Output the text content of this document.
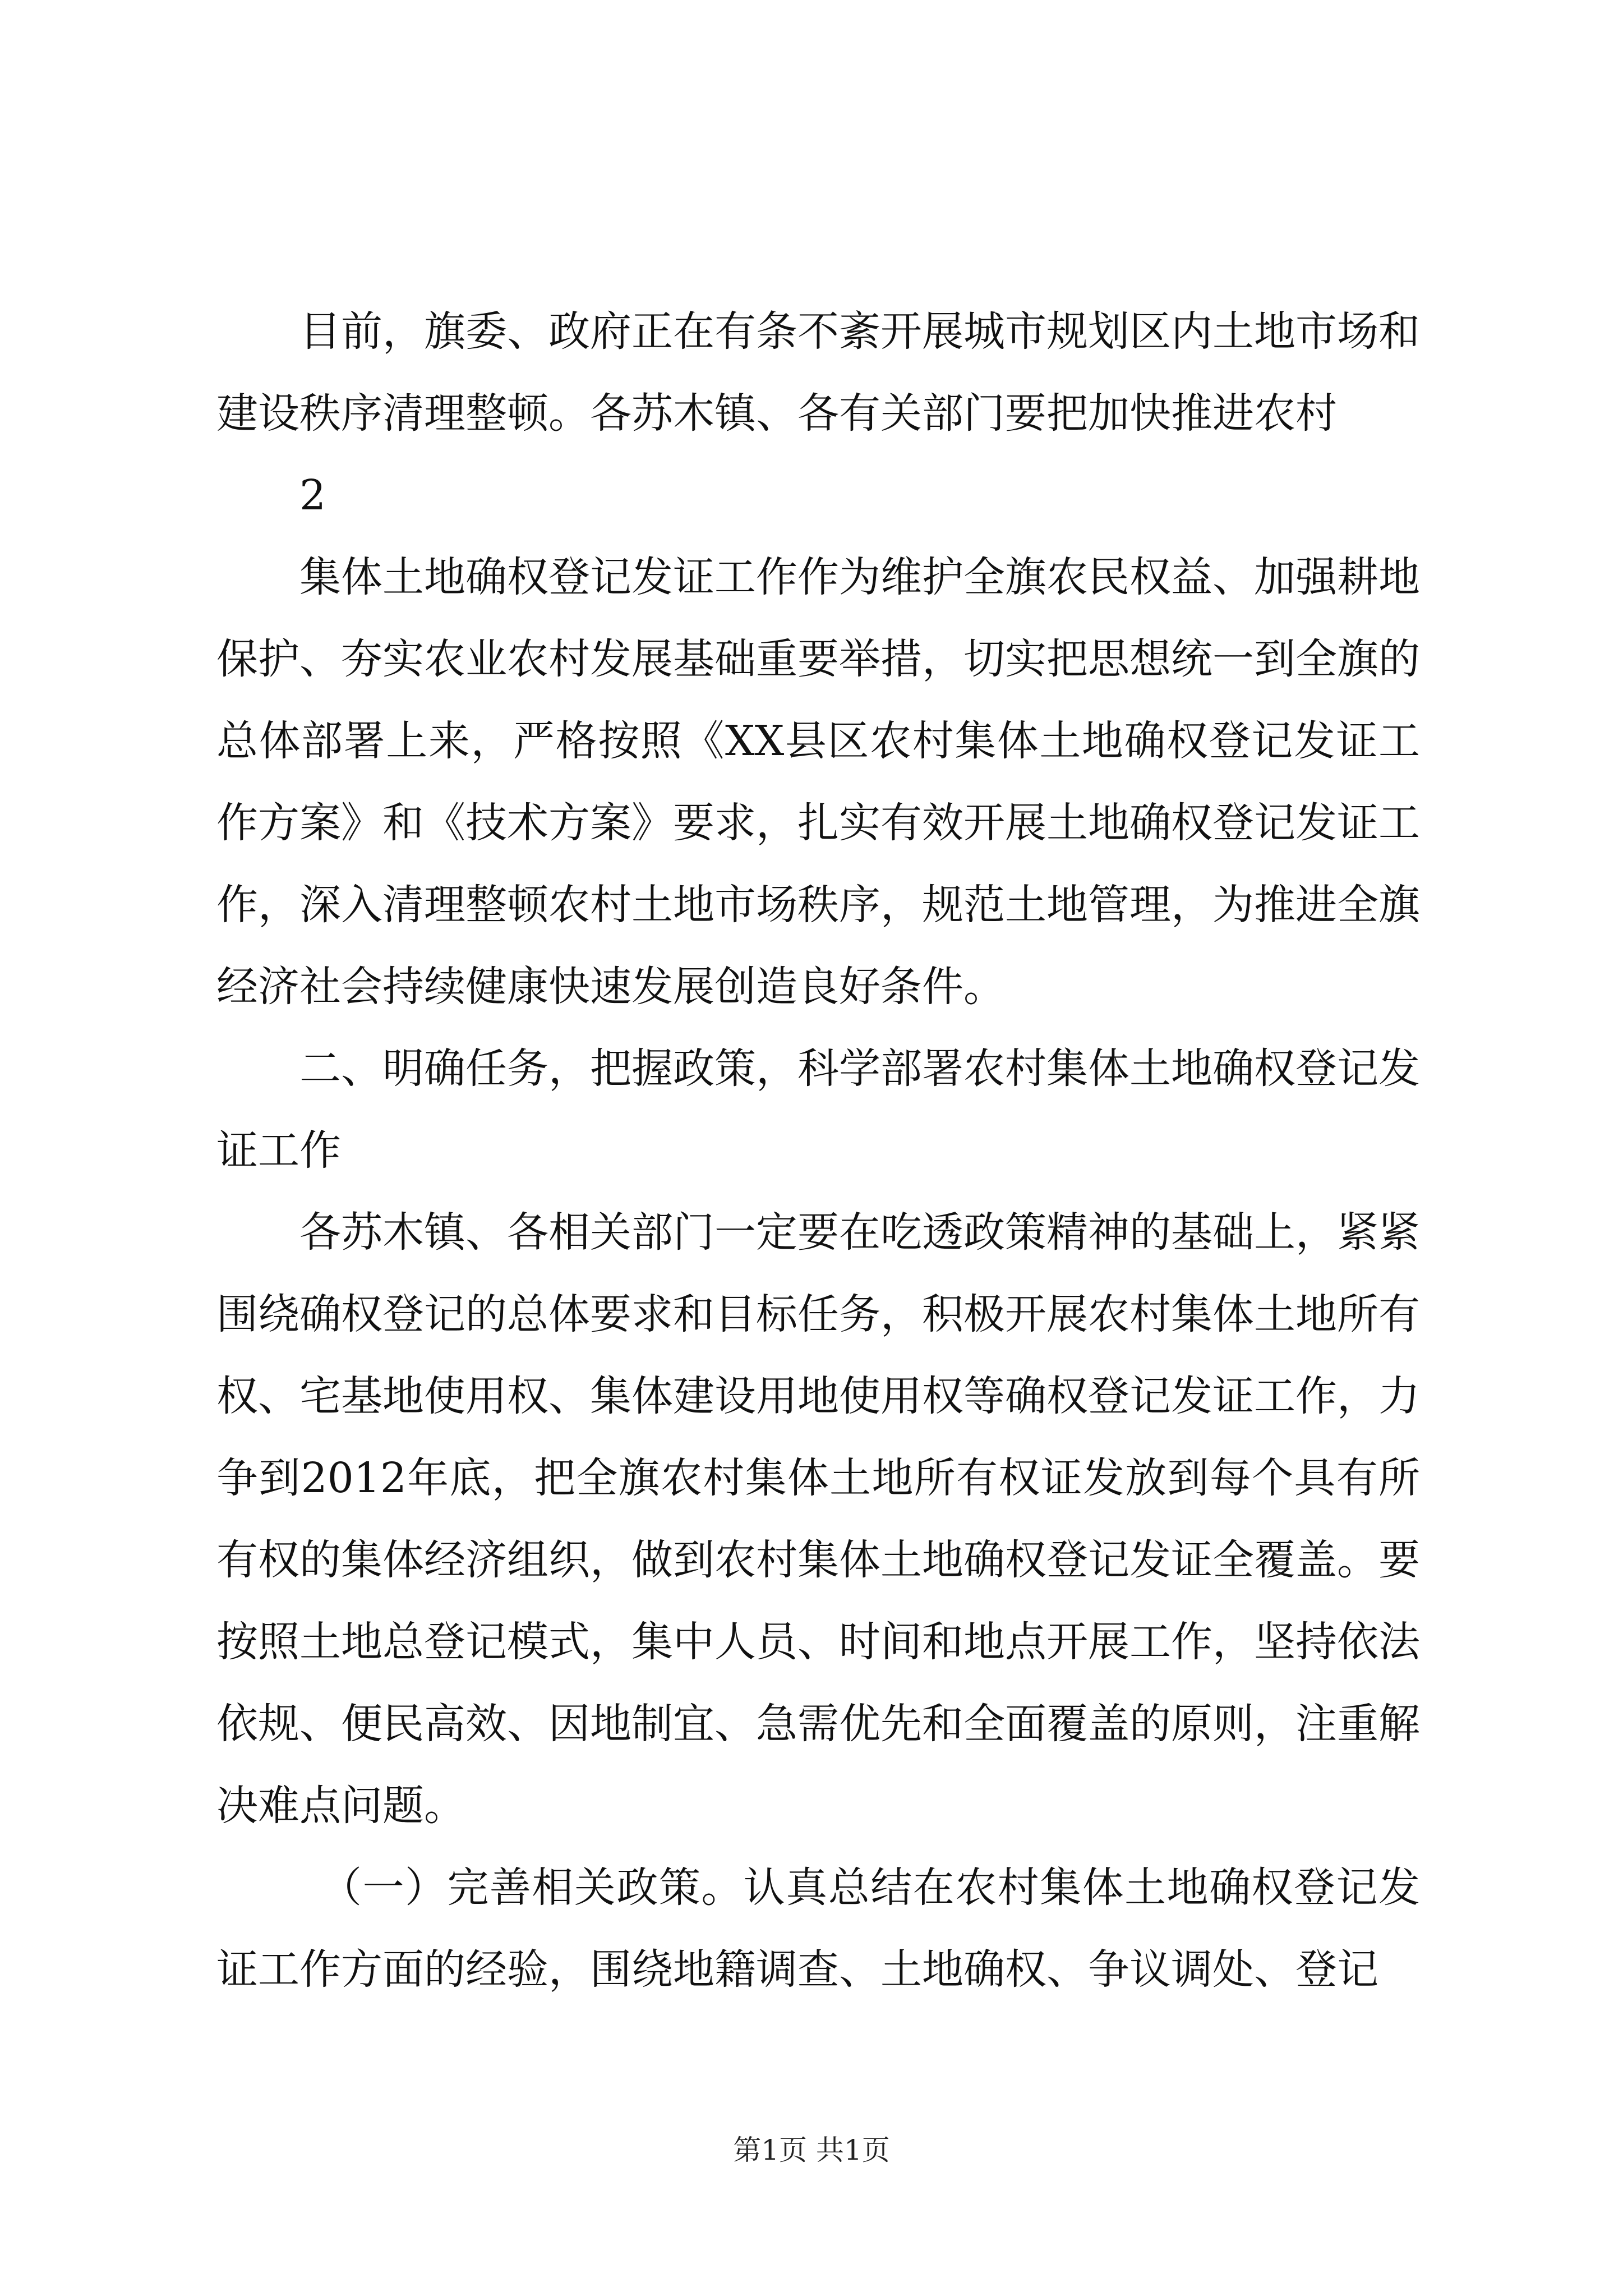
目前，旗委、政府正在有条不紊开展城市规划区内土地市场和建设秩序清理整顿。各苏木镇、各有关部门要把加快推进农村

2

集体土地确权登记发证工作作为维护全旗农民权益、加强耕地保护、夯实农业农村发展基础重要举措，切实把思想统一到全旗的总体部署上来，严格按照《XX县区农村集体土地确权登记发证工作方案》和《技术方案》要求，扎实有效开展土地确权登记发证工作，深入清理整顿农村土地市场秩序，规范土地管理，为推进全旗经济社会持续健康快速发展创造良好条件。

二、明确任务，把握政策，科学部署农村集体土地确权登记发证工作

各苏木镇、各相关部门一定要在吃透政策精神的基础上，紧紧围绕确权登记的总体要求和目标任务，积极开展农村集体土地所有权、宅基地使用权、集体建设用地使用权等确权登记发证工作，力争到2012年底，把全旗农村集体土地所有权证发放到每个具有所有权的集体经济组织，做到农村集体土地确权登记发证全覆盖。要按照土地总登记模式，集中人员、时间和地点开展工作，坚持依法依规、便民高效、因地制宜、急需优先和全面覆盖的原则，注重解决难点问题。

（一）完善相关政策。认真总结在农村集体土地确权登记发证工作方面的经验，围绕地籍调查、土地确权、争议调处、登记

第1页 共1页
